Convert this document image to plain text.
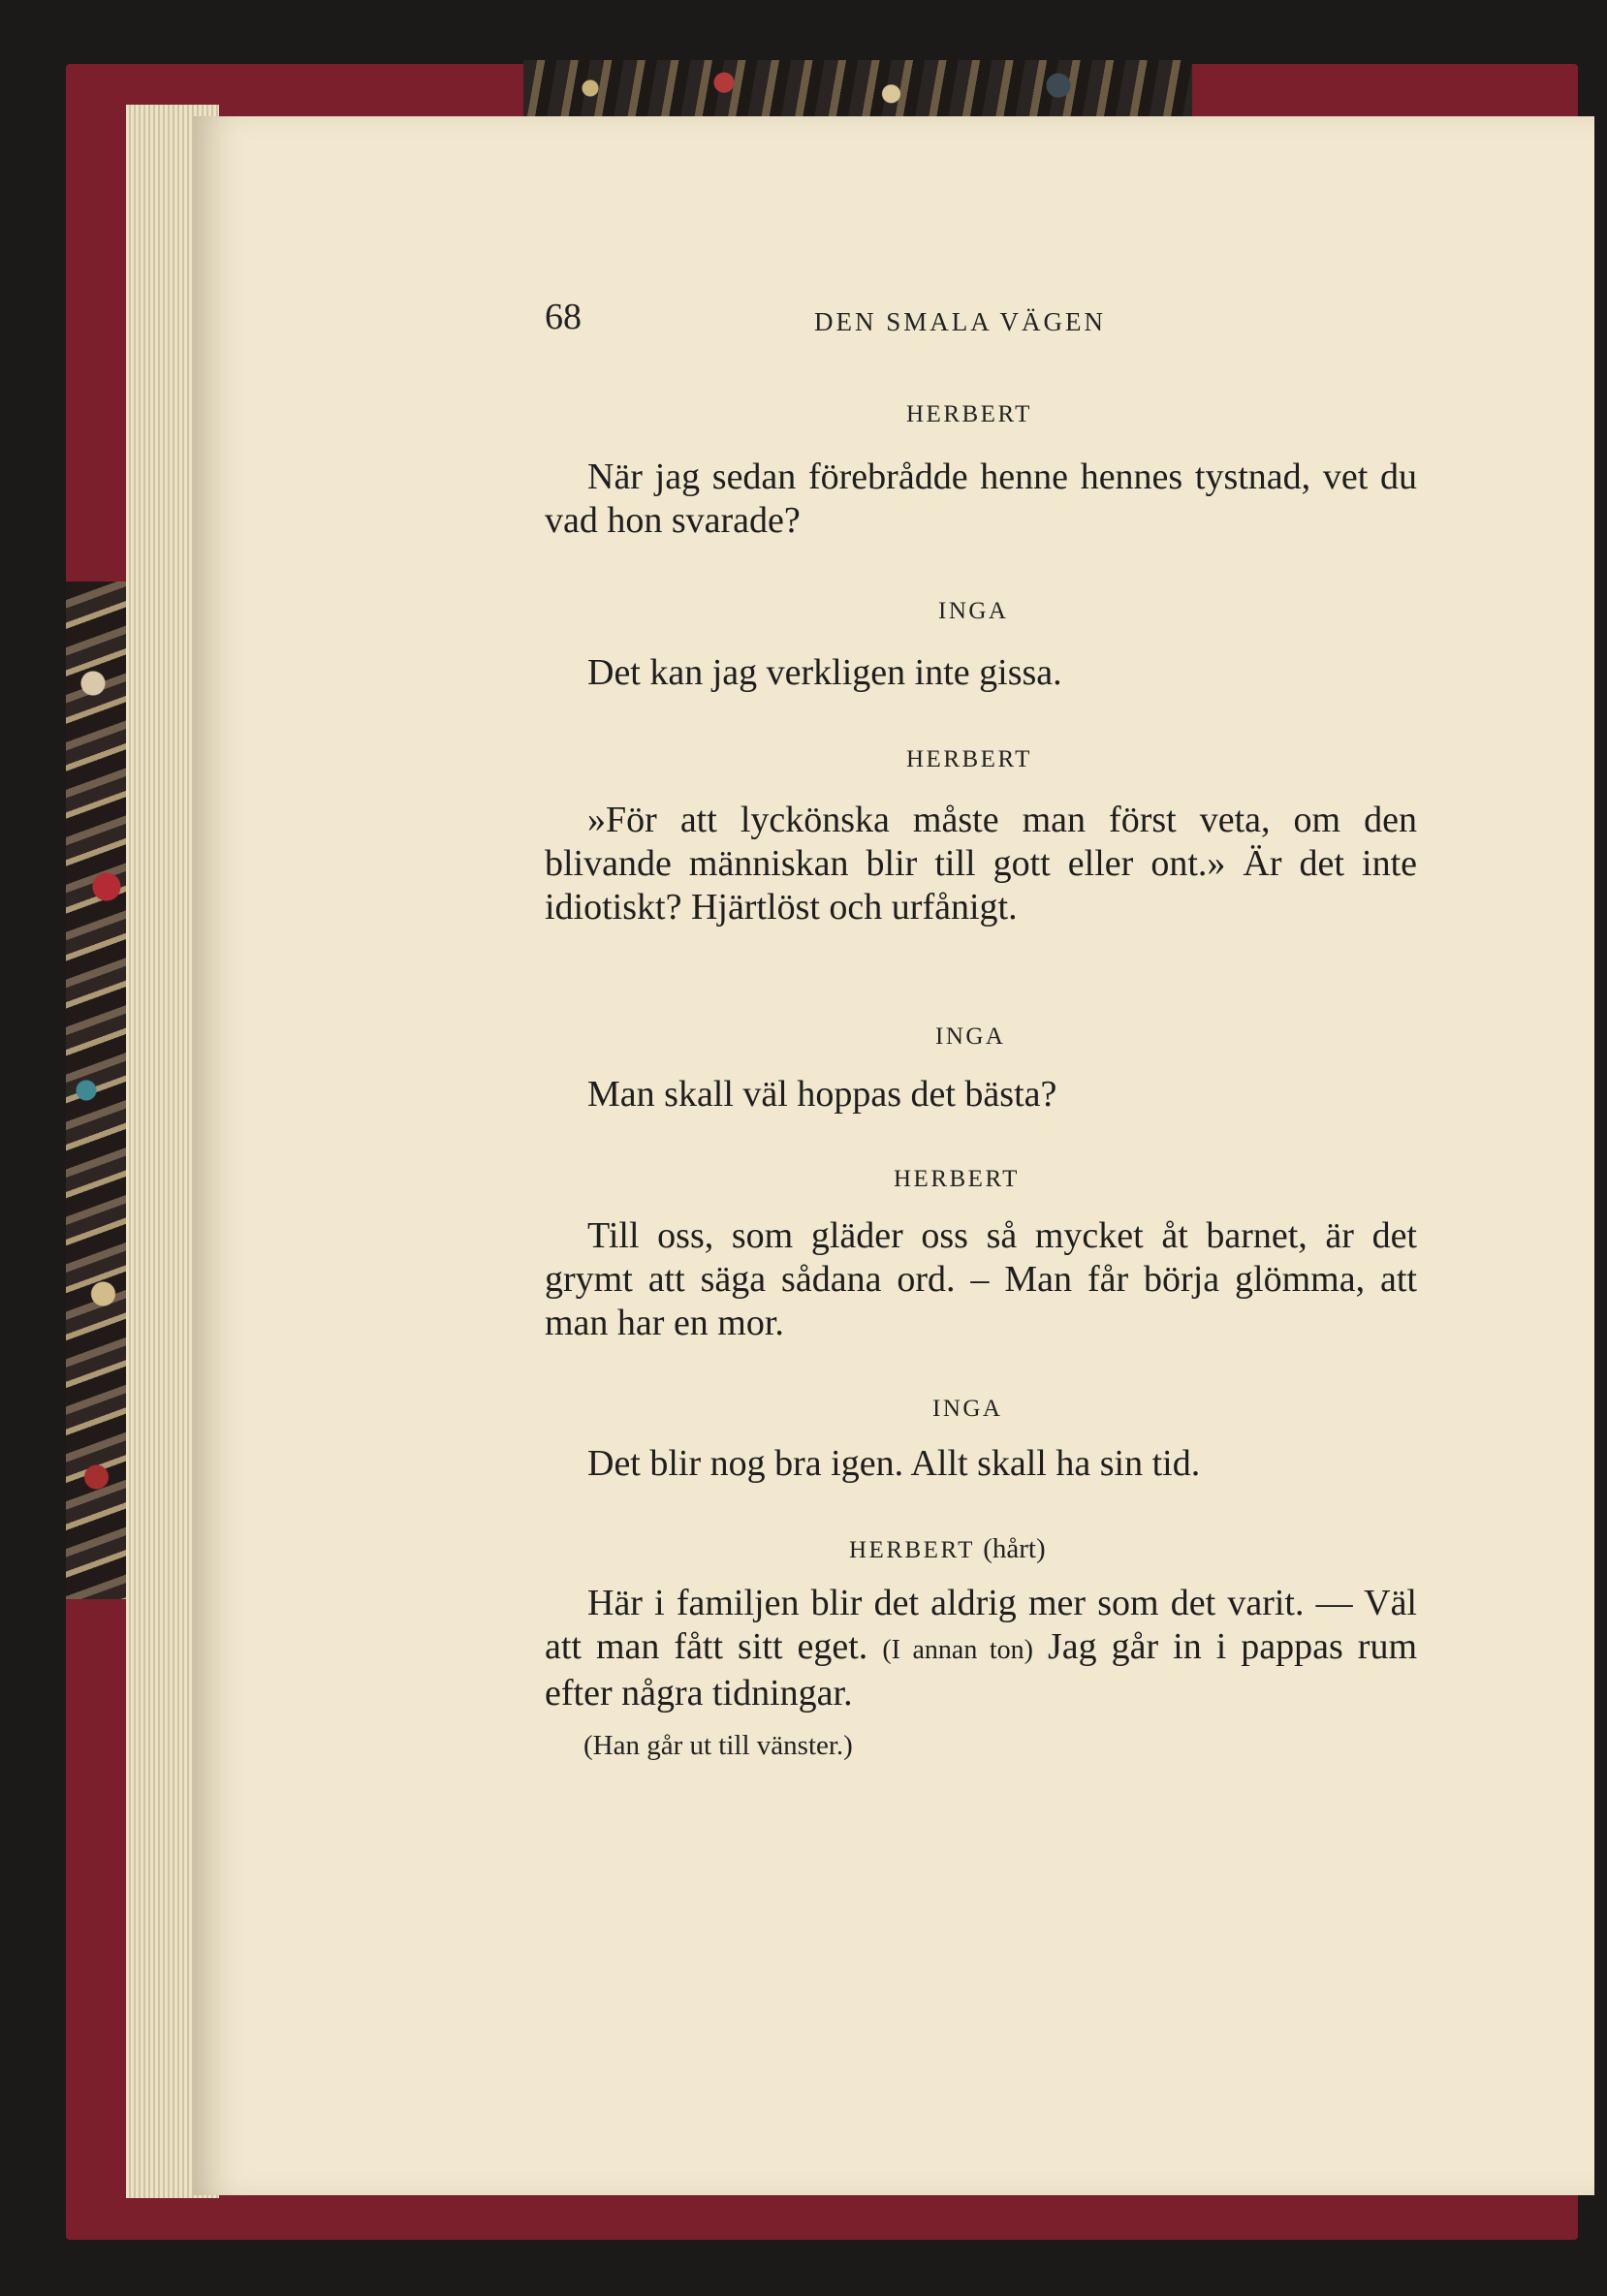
68	DEN SMALA VÄGEN
HERBERT

När jag sedan förebrådde henne hennes tystnad, vet du vad hon svarade?

INGA

Det kan jag verkligen inte gissa.

HERBERT

»För att lyckönska måste man först veta, om den blivande människan blir till gott eller ont.» Är det inte idiotiskt? Hjärtlöst och urfånigt.

INGA

Man skall väl hoppas det bästa?

HERBERT

Till oss, som gläder oss så mycket åt barnet, är det grymt att säga sådana ord. – Man får börja glömma, att man har en mor.

INGA

Det blir nog bra igen. Allt skall ha sin tid.

HERBERT (hårt)

Här i familjen blir det aldrig mer som det varit. — Väl att man fått sitt eget. (I annan ton) Jag går in i pappas rum efter några tidningar.

(Han går ut till vänster.)
